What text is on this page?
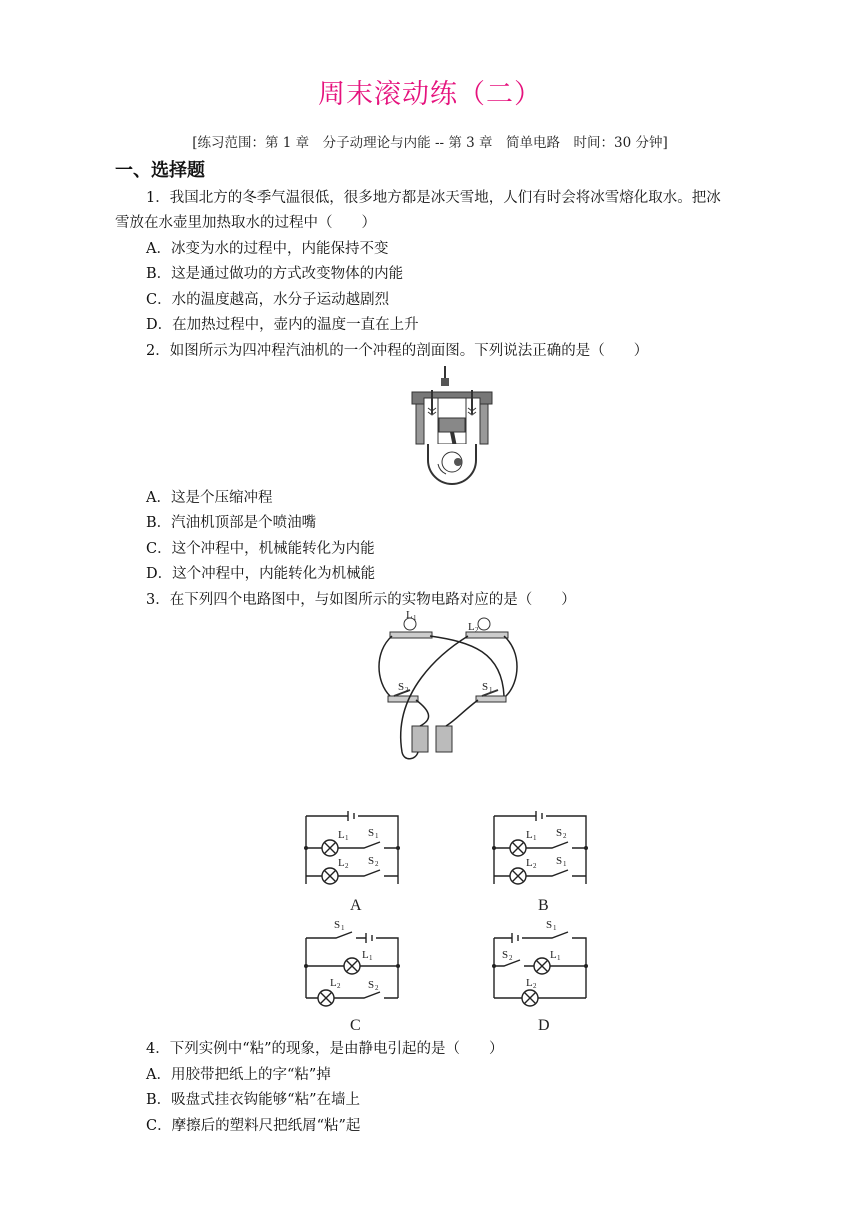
周末滚动练（二）
[练习范围：第 1 章　分子动理论与内能 -- 第 3 章　简单电路　时间：30 分钟]
一、选择题
1．我国北方的冬季气温很低，很多地方都是冰天雪地，人们有时会将冰雪熔化取水。把冰
雪放在水壶里加热取水的过程中（　　）
A．冰变为水的过程中，内能保持不变
B．这是通过做功的方式改变物体的内能
C．水的温度越高，水分子运动越剧烈
D．在加热过程中，壶内的温度一直在上升
2．如图所示为四冲程汽油机的一个冲程的剖面图。下列说法正确的是（　　）
A．这是个压缩冲程
B．汽油机顶部是个喷油嘴
C．这个冲程中，机械能转化为内能
D．这个冲程中，内能转化为机械能
3．在下列四个电路图中，与如图所示的实物电路对应的是（　　）
L 1
L 2
S 2	S 1
L 1 S 1
L 2 S 2
A
L 1 S 2
L 2 S 1
B
S 1
L 1
L 2	S 2
C
S 1
S 2	L 1
L 2
D
4．下列实例中“粘”的现象，是由静电引起的是（　　）
A．用胶带把纸上的字“粘”掉
B．吸盘式挂衣钩能够“粘”在墙上
C．摩擦后的塑料尺把纸屑“粘”起
